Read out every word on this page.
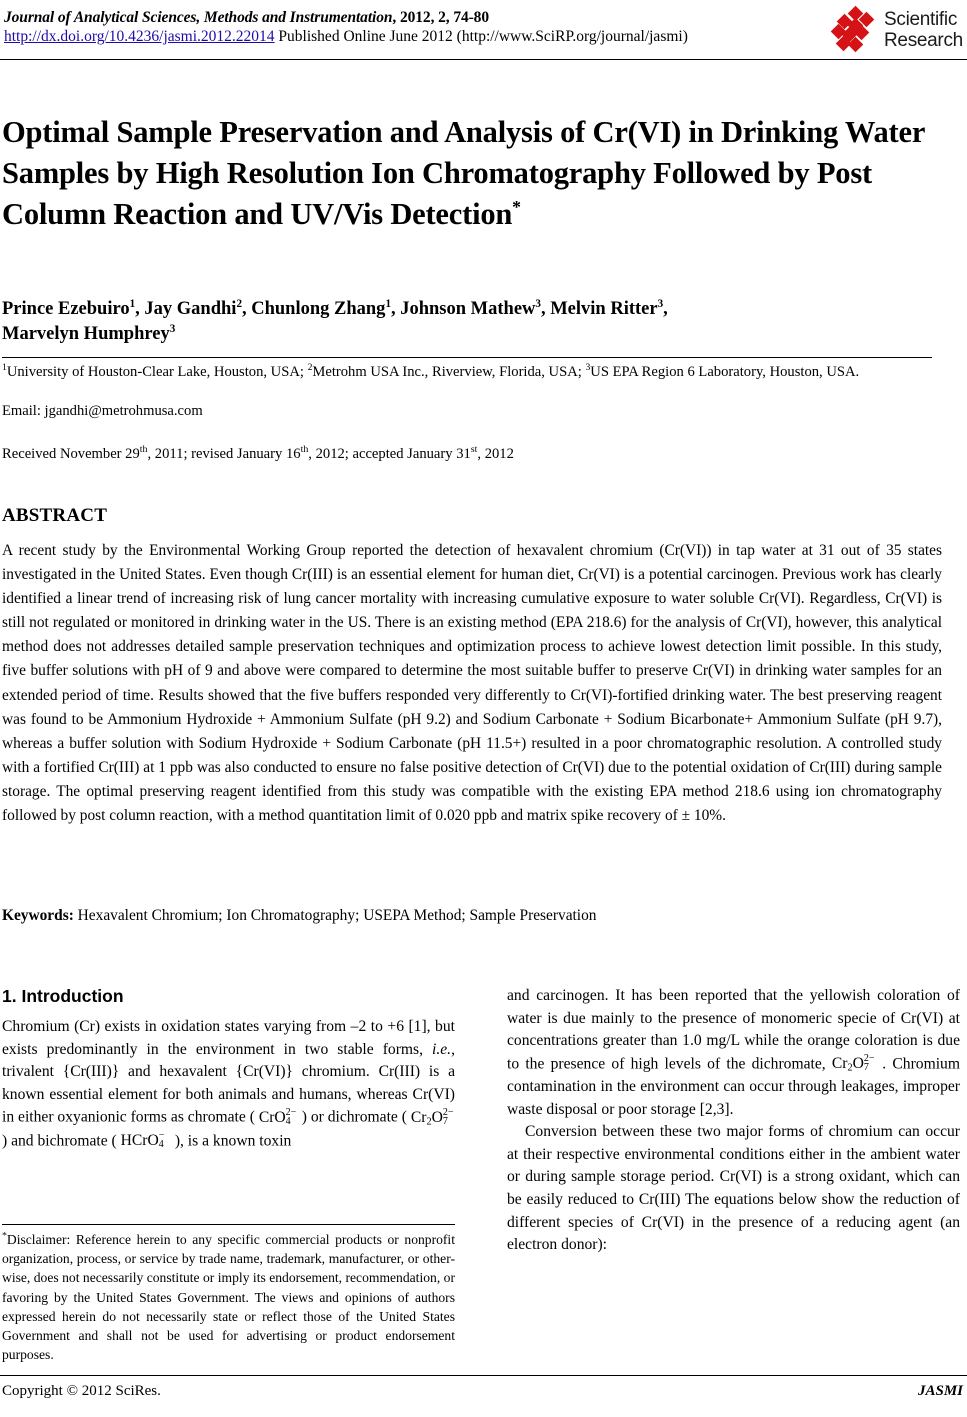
Journal of Analytical Sciences, Methods and Instrumentation, 2012, 2, 74-80
http://dx.doi.org/10.4236/jasmi.2012.22014 Published Online June 2012 (http://www.SciRP.org/journal/jasmi)
Scientific
Research
Optimal Sample Preservation and Analysis of Cr(VI) in Drinking Water Samples by High Resolution Ion Chromatography Followed by Post Column Reaction and UV/Vis Detection*
Prince Ezebuiro$^1$, Jay Gandhi$^2$, Chunlong Zhang$^1$, Johnson Mathew$^3$, Melvin Ritter$^3$,
Marvelyn Humphrey$^3$
$^1$University of Houston-Clear Lake, Houston, USA; $^2$Metrohm USA Inc., Riverview, Florida, USA; $^3$US EPA Region 6 Laboratory, Houston, USA.
Email: jgandhi@metrohmusa.com
Received November 29th, 2011; revised January 16th, 2012; accepted January 31st, 2012
ABSTRACT
A recent study by the Environmental Working Group reported the detection of hexavalent chromium (Cr(VI)) in tap water at 31 out of 35 states investigated in the United States. Even though Cr(III) is an essential element for human diet, Cr(VI) is a potential carcinogen. Previous work has clearly identified a linear trend of increasing risk of lung cancer mortality with increasing cumulative exposure to water soluble Cr(VI). Regardless, Cr(VI) is still not regulated or monitored in drinking water in the US. There is an existing method (EPA 218.6) for the analysis of Cr(VI), however, this analytical method does not addresses detailed sample preservation techniques and optimization process to achieve lowest detection limit possible. In this study, five buffer solutions with pH of 9 and above were compared to determine the most suitable buffer to preserve Cr(VI) in drinking water samples for an extended period of time. Results showed that the five buffers responded very differently to Cr(VI)-fortified drinking water. The best preserving reagent was found to be Ammonium Hydroxide + Ammonium Sulfate (pH 9.2) and Sodium Carbonate + Sodium Bicarbonate+ Ammonium Sulfate (pH 9.7), whereas a buffer solution with Sodium Hydroxide + Sodium Carbonate (pH 11.5+) resulted in a poor chromatographic resolution. A controlled study with a fortified Cr(III) at 1 ppb was also conducted to ensure no false positive detection of Cr(VI) due to the potential oxidation of Cr(III) during sample storage. The optimal preserving reagent identified from this study was compatible with the existing EPA method 218.6 using ion chromatography followed by post column reaction, with a method quantitation limit of 0.020 ppb and matrix spike recovery of ± 10%.
Keywords: Hexavalent Chromium; Ion Chromatography; USEPA Method; Sample Preservation
1. Introduction

Chromium (Cr) exists in oxidation states varying from –2 to +6 [1], but exists predominantly in the environment in two stable forms, i.e., trivalent {Cr(III)} and hexavalent {Cr(VI)} chromium. Cr(III) is a known essential element for both animals and humans, whereas Cr(VI) in either oxyanionic forms as chromate ( CrO 2−
4 ) or dichromate ( $Cr_2O$ 2−
7
) and bichromate ( HCrO −
4 ), is a known toxin

and carcinogen. It has been reported that the yellowish coloration of water is due mainly to the presence of monomeric specie of Cr(VI) at concentrations greater than 1.0 mg/L while the orange coloration is due to the presence of high levels of the dichromate, $Cr_2O$ 2−
7 . Chromium contamination in the environment can occur through leakages, improper waste disposal or poor storage [2,3].

Conversion between these two major forms of chromium can occur at their respective environmental conditions either in the ambient water or during sample storage period. Cr(VI) is a strong oxidant, which can be easily reduced to Cr(III) The equations below show the reduction of different species of Cr(VI) in the presence of a reducing agent (an electron donor):

*Disclaimer: Reference herein to any specific commercial products or nonprofit organization, process, or service by trade name, trademark, manufacturer, or other-wise, does not necessarily constitute or imply its endorsement, recommendation, or favoring by the United States Government. The views and opinions of authors expressed herein do not necessarily state or reflect those of the United States Government and shall not be used for advertising or product endorsement purposes.
Copyright © 2012 SciRes.	JASMI
